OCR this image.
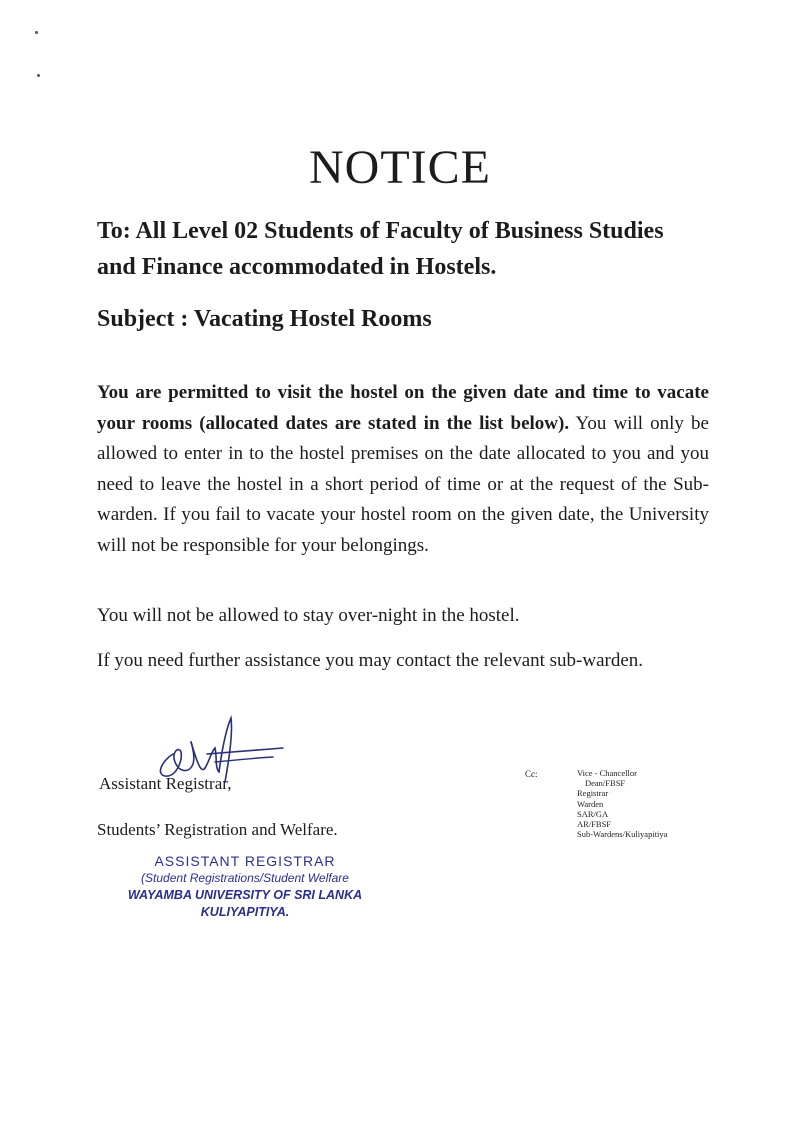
NOTICE
To: All Level 02 Students of Faculty of Business Studies and Finance accommodated in Hostels.
Subject : Vacating Hostel Rooms

You are permitted to visit the hostel on the given date and time to vacate your rooms (allocated dates are stated in the list below). You will only be allowed to enter in to the hostel premises on the date allocated to you and you need to leave the hostel in a short period of time or at the request of the Sub-warden. If you fail to vacate your hostel room on the given date, the University will not be responsible for your belongings.

You will not be allowed to stay over-night in the hostel.
If you need further assistance you may contact the relevant sub-warden.
Assistant Registrar,
Students’ Registration and Welfare.
ASSISTANT REGISTRAR
(Student Registrations/Student Welfare
WAYAMBA UNIVERSITY OF SRI LANKA
KULIYAPITIYA.
Cc:	Vice - Chancellor
Dean/FBSF
Registrar
Warden
SAR/GA
AR/FBSF
Sub-Wardens/Kuliyapitiya
